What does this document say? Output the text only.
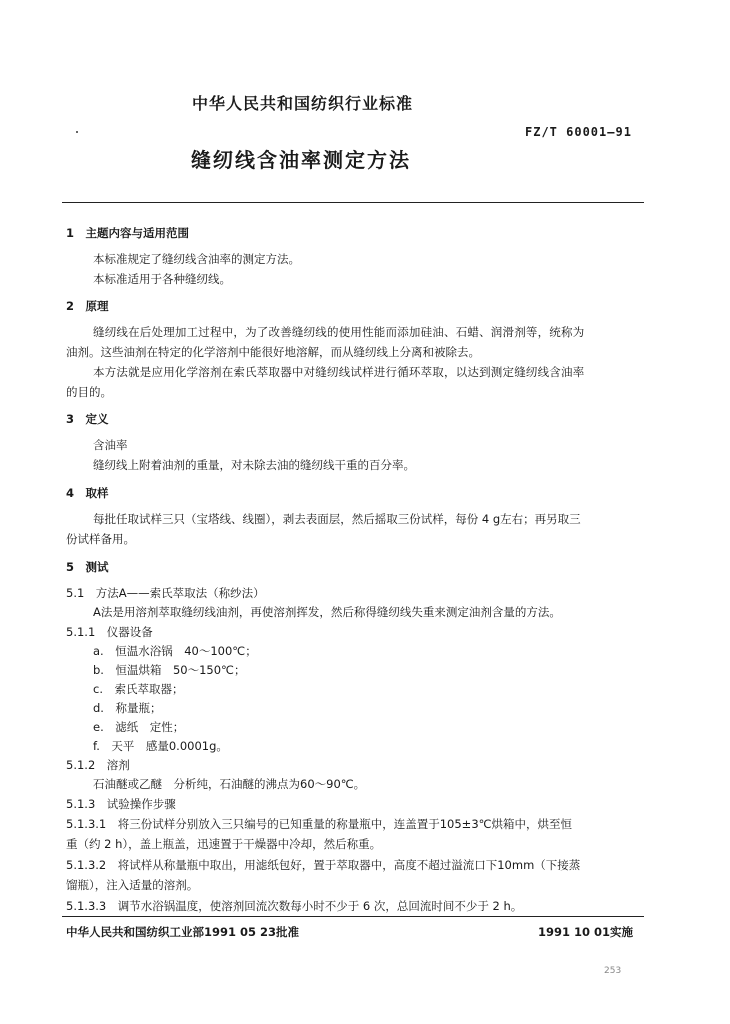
中华人民共和国纺织行业标准
FZ/T 60001—91
缝纫线含油率测定方法
1　主题内容与适用范围
本标准规定了缝纫线含油率的测定方法。
本标准适用于各种缝纫线。
2　原理
缝纫线在后处理加工过程中，为了改善缝纫线的使用性能而添加硅油、石蜡、润滑剂等，统称为
油剂。这些油剂在特定的化学溶剂中能很好地溶解，而从缝纫线上分离和被除去。
本方法就是应用化学溶剂在索氏萃取器中对缝纫线试样进行循环萃取，以达到测定缝纫线含油率
的目的。
3　定义
含油率
缝纫线上附着油剂的重量，对未除去油的缝纫线干重的百分率。
4　取样
每批任取试样三只（宝塔线、线圈），剥去表面层，然后摇取三份试样，每份 4 g左右；再另取三
份试样备用。
5　测试
5.1　方法A——索氏萃取法（称纱法）
A法是用溶剂萃取缝纫线油剂，再使溶剂挥发，然后称得缝纫线失重来测定油剂含量的方法。
5.1.1　仪器设备
a.　恒温水浴锅　40～100℃；
b.　恒温烘箱　50～150℃；
c.　索氏萃取器；
d.　称量瓶；
e.　滤纸　定性；
f.　天平　感量0.0001g。
5.1.2　溶剂
石油醚或乙醚　分析纯，石油醚的沸点为60～90℃。
5.1.3　试验操作步骤
5.1.3.1　将三份试样分别放入三只编号的已知重量的称量瓶中，连盖置于105±3℃烘箱中，烘至恒
重（约 2 h），盖上瓶盖，迅速置于干燥器中冷却，然后称重。
5.1.3.2　将试样从称量瓶中取出，用滤纸包好，置于萃取器中，高度不超过溢流口下10mm（下接蒸
馏瓶），注入适量的溶剂。
5.1.3.3　调节水浴锅温度，使溶剂回流次数每小时不少于 6 次，总回流时间不少于 2 h。
中华人民共和国纺织工业部1991 05 23批准	1991 10 01实施
253
